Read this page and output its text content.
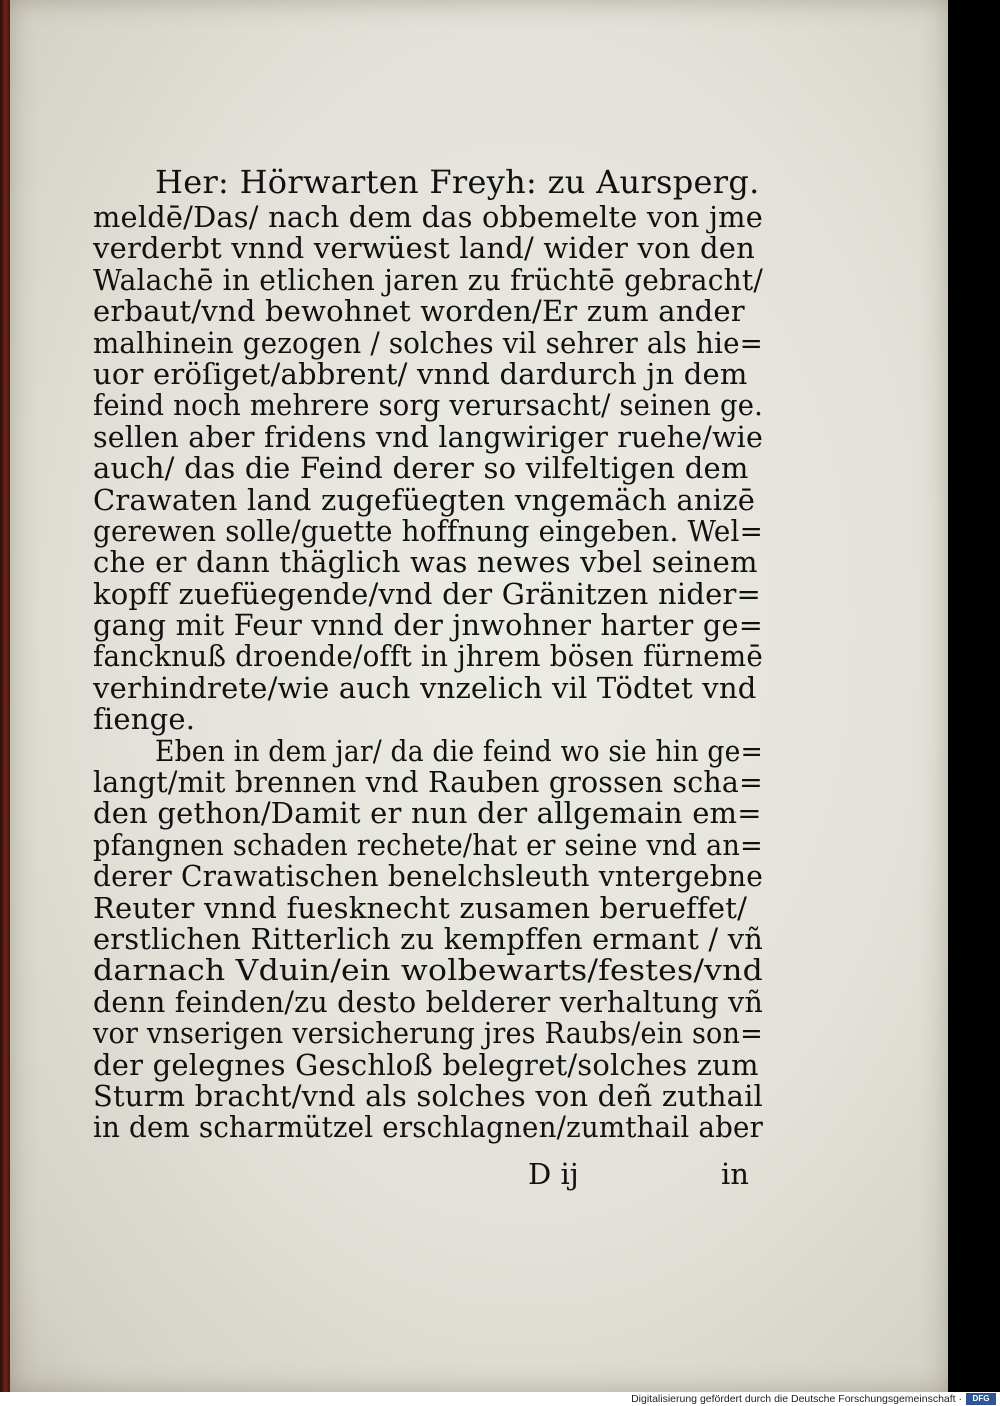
Her: Hörwarten Freyh: zu Aursperg.
meldē/Das/ nach dem das obbemelte von jme
verderbt vnnd verwüest land/ wider von den
Walachē in etlichen jaren zu früchtē gebracht/
erbaut/vnd bewohnet worden/Er zum ander
malhinein gezogen / solches vil sehrer als hie=
uor eröſiget/abbrent/ vnnd dardurch jn dem
feind noch mehrere sorg verursacht/ seinen ge.
sellen aber fridens vnd langwiriger ruehe/wie
auch/ das die Feind derer so vilfeltigen dem
Crawaten land zugefüegten vngemäch anizē
gerewen solle/guette hoffnung eingeben. Wel=
che er dann thäglich was newes vbel seinem
kopff zuefüegende/vnd der Gränitzen nider=
gang mit Feur vnnd der jnwohner harter ge=
fancknuß droende/offt in jhrem bösen fürnemē
verhindrete/wie auch vnzelich vil Tödtet vnd
fienge.
Eben in dem jar/ da die feind wo sie hin ge=
langt/mit brennen vnd Rauben grossen scha=
den gethon/Damit er nun der allgemain em=
pfangnen schaden rechete/hat er seine vnd an=
derer Crawatischen benelchsleuth vntergebne
Reuter vnnd fuesknecht zusamen berueffet/
erstlichen Ritterlich zu kempffen ermant / vñ
darnach Vduin/ein wolbewarts/festes/vnd
denn feinden/zu desto belderer verhaltung vñ
vor vnserigen versicherung jres Raubs/ein son=
der gelegnes Geschloß belegret/solches zum
Sturm bracht/vnd als solches von deñ zuthail
in dem scharmützel erschlagnen/zumthail aber
D ij	in
Digitalisierung gefördert durch die Deutsche Forschungsgemeinschaft ·	DFG
